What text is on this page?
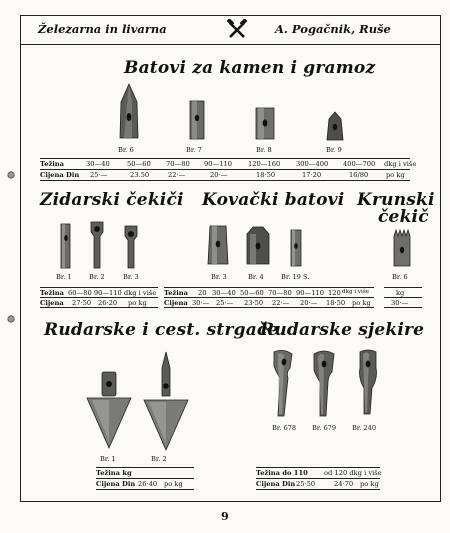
Železarna in livarna	A. Pogačnik, Ruše
Batovi za kamen i gramoz
Br. 6	Br. 7	Br. 8	Br. 9
Težina	30—40	50—60 70—80 90—110 120—160 300—400 400—700 dkg i više
Cijena Din 25·—	23.50	22·—	20·—	18·50	17·20	16/80	po kg
Zidarski čekiči
Br. 1	Br. 2	Br. 3
Težina 60—80 90—110 dkg i više
Cijena 27·50 26·20 po kg
Kovački batovi
Br. 3	Br. 4	Br. 19 S.
Težina 20 30—40 50—60 70—80 90—110 120 dkg i više
Cijena 30·— 25·— 23·50 22·— 20·— 18·50 po kg
Krunski
čekič
Br. 6
kg
30·—
Rudarske i cest. strgače
Br. 1	Br. 2
Težina kg
Cijena Din 26·40 po kg
Rudarske sjekire
Br. 678 Br. 679 Br. 240
Težina do 110 od 120 dkg i više
Cijena Din 25·50	24·70 po kg
9
